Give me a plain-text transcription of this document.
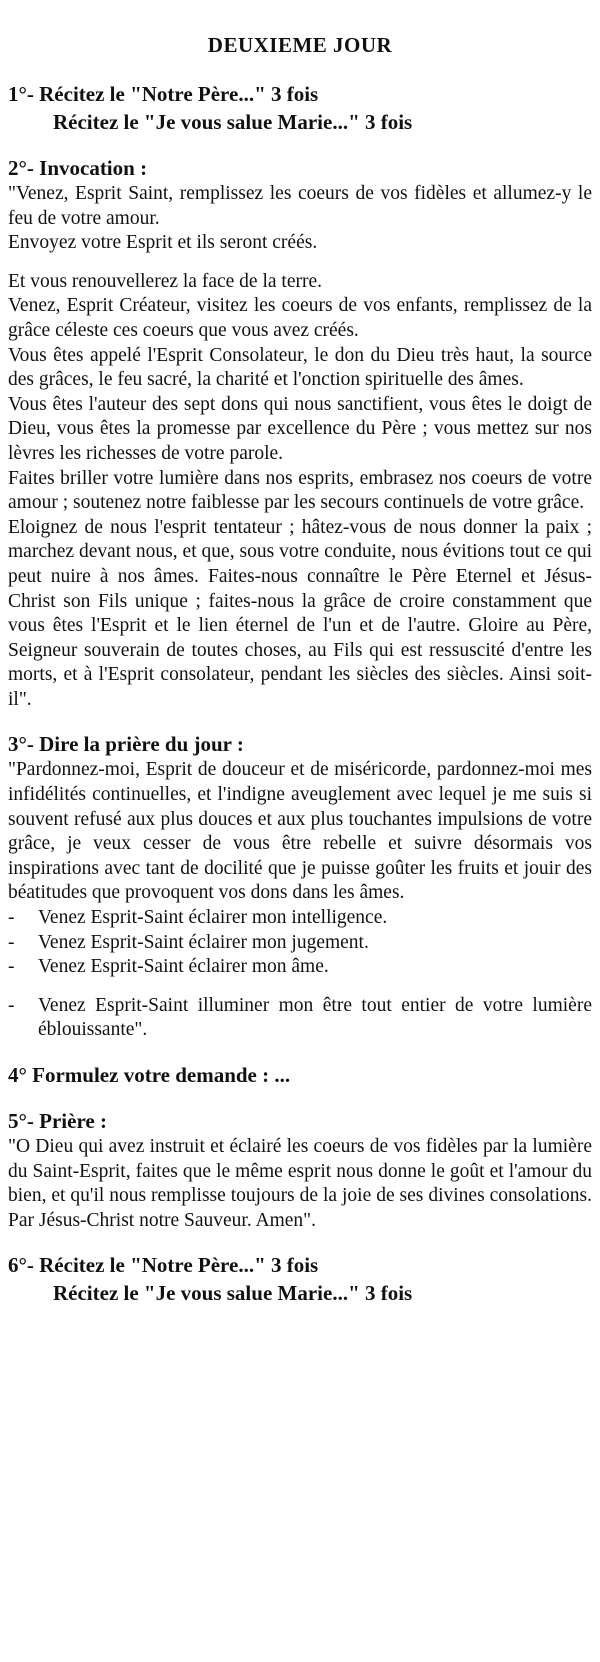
DEUXIEME JOUR
1°- Récitez le "Notre Père..." 3 fois
Récitez le "Je vous salue Marie..." 3 fois
2°- Invocation :

"Venez, Esprit Saint, remplissez les coeurs de vos fidèles et allumez-y le feu de votre amour.

Envoyez votre Esprit et ils seront créés.

Et vous renouvellerez la face de la terre.

Venez, Esprit Créateur, visitez les coeurs de vos enfants, remplissez de la grâce céleste ces coeurs que vous avez créés.

Vous êtes appelé l'Esprit Consolateur, le don du Dieu très haut, la source des grâces, le feu sacré, la charité et l'onction spirituelle des âmes.

Vous êtes l'auteur des sept dons qui nous sanctifient, vous êtes le doigt de Dieu, vous êtes la promesse par excellence du Père ; vous mettez sur nos lèvres les richesses de votre parole.

Faites briller votre lumière dans nos esprits, embrasez nos coeurs de votre amour ; soutenez notre faiblesse par les secours continuels de votre grâce.

Eloignez de nous l'esprit tentateur ; hâtez-vous de nous donner la paix ; marchez devant nous, et que, sous votre conduite, nous évitions tout ce qui peut nuire à nos âmes. Faites-nous connaître le Père Eternel et Jésus-Christ son Fils unique ; faites-nous la grâce de croire constamment que vous êtes l'Esprit et le lien éternel de l'un et de l'autre. Gloire au Père, Seigneur souverain de toutes choses, au Fils qui est ressuscité d'entre les morts, et à l'Esprit consolateur, pendant les siècles des siècles. Ainsi soit-il".

3°- Dire la prière du jour :

"Pardonnez-moi, Esprit de douceur et de miséricorde, pardonnez-moi mes infidélités continuelles, et l'indigne aveuglement avec lequel je me suis si souvent refusé aux plus douces et aux plus touchantes impulsions de votre grâce, je veux cesser de vous être rebelle et suivre désormais vos inspirations avec tant de docilité que je puisse goûter les fruits et jouir des béatitudes que provoquent vos dons dans les âmes.

-	Venez Esprit-Saint éclairer mon intelligence.
-	Venez Esprit-Saint éclairer mon jugement.
-	Venez Esprit-Saint éclairer mon âme.
-	Venez Esprit-Saint illuminer mon être tout entier de votre lumière éblouissante".
4° Formulez votre demande : ...
5°- Prière :

"O Dieu qui avez instruit et éclairé les coeurs de vos fidèles par la lumière du Saint-Esprit, faites que le même esprit nous donne le goût et l'amour du bien, et qu'il nous remplisse toujours de la joie de ses divines consolations. Par Jésus-Christ notre Sauveur. Amen".

6°- Récitez le "Notre Père..." 3 fois
Récitez le "Je vous salue Marie..." 3 fois
